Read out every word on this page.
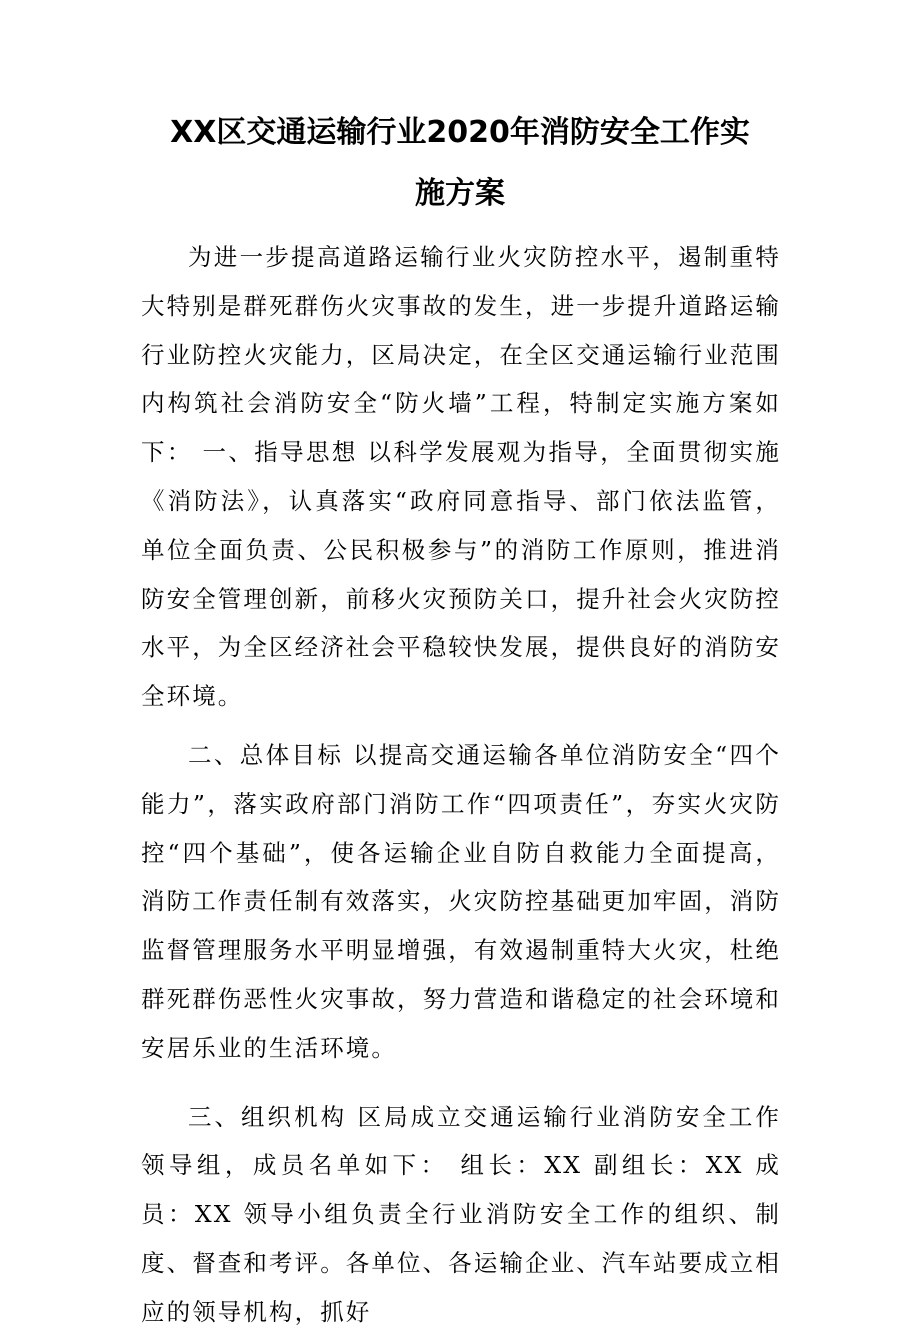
XX区交通运输行业2020年消防安全工作实
施方案

为进一步提高道路运输行业火灾防控水平，遏制重特大特别是群死群伤火灾事故的发生，进一步提升道路运输行业防控火灾能力，区局决定，在全区交通运输行业范围内构筑社会消防安全“防火墙”工程，特制定实施方案如下： 一、指导思想 以科学发展观为指导，全面贯彻实施《消防法》，认真落实“政府同意指导、部门依法监管，单位全面负责、公民积极参与”的消防工作原则，推进消防安全管理创新，前移火灾预防关口，提升社会火灾防控水平，为全区经济社会平稳较快发展，提供良好的消防安全环境。

二、总体目标 以提高交通运输各单位消防安全“四个能力”，落实政府部门消防工作“四项责任”，夯实火灾防控“四个基础”，使各运输企业自防自救能力全面提高，消防工作责任制有效落实，火灾防控基础更加牢固，消防监督管理服务水平明显增强，有效遏制重特大火灾，杜绝群死群伤恶性火灾事故，努力营造和谐稳定的社会环境和安居乐业的生活环境。

三、组织机构 区局成立交通运输行业消防安全工作领导组，成员名单如下： 组长：XX 副组长：XX 成员：XX 领导小组负责全行业消防安全工作的组织、制度、督查和考评。各单位、各运输企业、汽车站要成立相应的领导机构，抓好
